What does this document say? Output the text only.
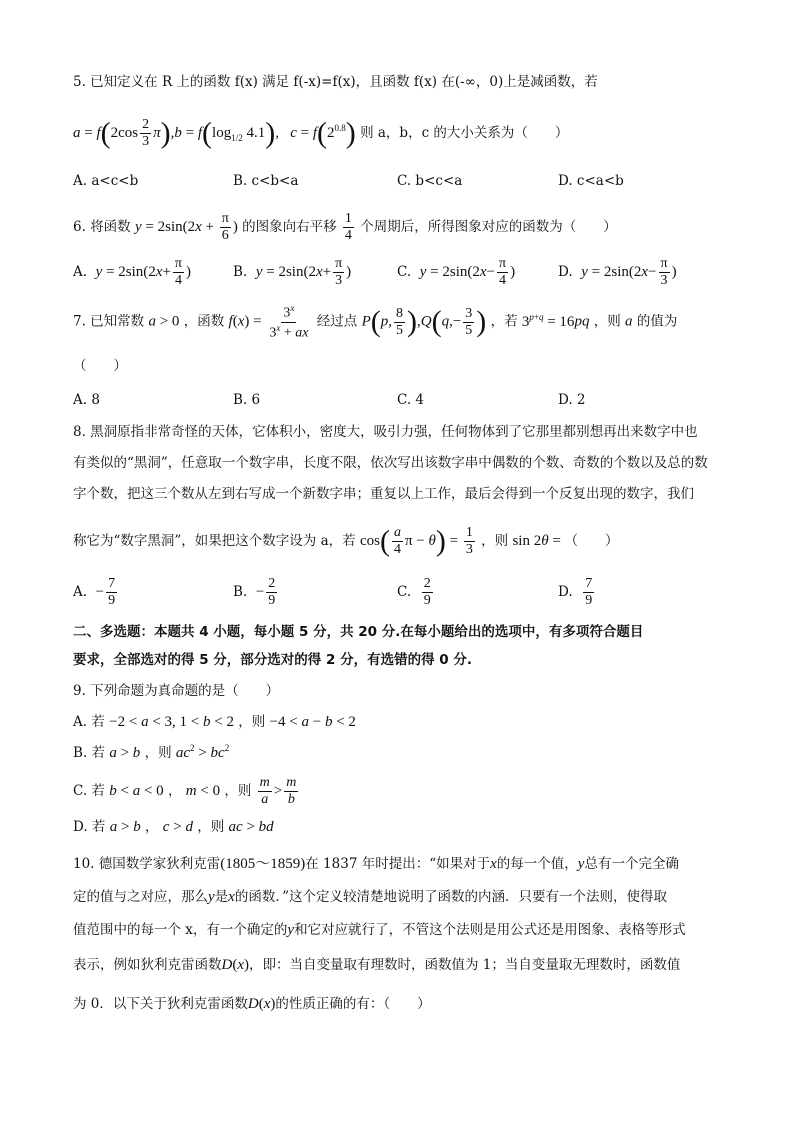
5. 已知定义在 R 上的函数 f(x) 满足 f(-x)=f(x)，且函数 f(x) 在(-∞，0)上是减函数，若
$a = f(2\cos \frac{2}{3} \pi),b = f(\log_{1/2}$ 4.1),   $c = f(2^{0.8})$ 则 a，b，c 的大小关系为（　　）
A. a<c<b	B. c<b<a	C. b<c<a	D. c<a<b
6. 将函数 $y = 2\sin(2x + \frac{\pi}{6}$ ) 的图象向右平移 $\frac{1}{4}$ 个周期后，所得图象对应的函数为（　　）
A. $y = 2\sin(2x+ \frac{\pi}{4}$ )	B. $y = 2\sin(2x+ \frac{\pi}{3}$ )	C. $y = 2\sin(2x- \frac{\pi}{4}$ )	D. $y = 2\sin(2x- \frac{\pi}{3}$ )
7. 已知常数 a > 0 ，函数 $f(x) = \frac{3^x}{3^x + ax}$ 经过点 P(p, $\frac{8}{5} ),Q(q,- \frac{3}{5}$ ) ，若 $3^{p+q} = 16pq$ ，则 a 的值为
（　　）
A. 8	B. 6	C. 4	D. 2
8. 黑洞原指非常奇怪的天体，它体积小，密度大，吸引力强，任何物体到了它那里都别想再出来数字中也
有类似的“黑洞”，任意取一个数字串，长度不限，依次写出该数字串中偶数的个数、奇数的个数以及总的数
字个数，把这三个数从左到右写成一个新数字串；重复以上工作，最后会得到一个反复出现的数字，我们
称它为“数字黑洞”，如果把这个数字设为 a，若 $\cos( \frac{a}{4}$ $\pi - \theta) = \frac{1}{3}$ ，则 sin 2θ = （　　）
A. − $\frac{7}{9}$	B. − $\frac{2}{9}$	C. $\frac{2}{9}$	D. $\frac{7}{9}$
二、多选题：本题共 4 小题，每小题 5 分，共 20 分.在每小题给出的选项中，有多项符合题目
要求，全部选对的得 5 分，部分选对的得 2 分，有选错的得 0 分.
9. 下列命题为真命题的是（　　）
A. 若 −2 < a < 3, 1 < b < 2 ，则 −4 < a − b < 2
B. 若 a > b ，则 $ac^2 > bc^2$
C. 若 b < a < 0 ， m < 0 ，则 $\frac{m}{a} > \frac{m}{b}$
D. 若 a > b ， c > d ，则 ac > bd
10. 德国数学家狄利克雷(1805～1859)在 1837 年时提出：“如果对于x的每一个值，y总有一个完全确
定的值与之对应，那么y是x的函数．”这个定义较清楚地说明了函数的内涵．只要有一个法则，使得取
值范围中的每一个 x，有一个确定的y和它对应就行了，不管这个法则是用公式还是用图象、表格等形式
表示，例如狄利克雷函数D(x)，即：当自变量取有理数时，函数值为 1；当自变量取无理数时，函数值
为 0．以下关于狄利克雷函数D(x)的性质正确的有：（　　）
